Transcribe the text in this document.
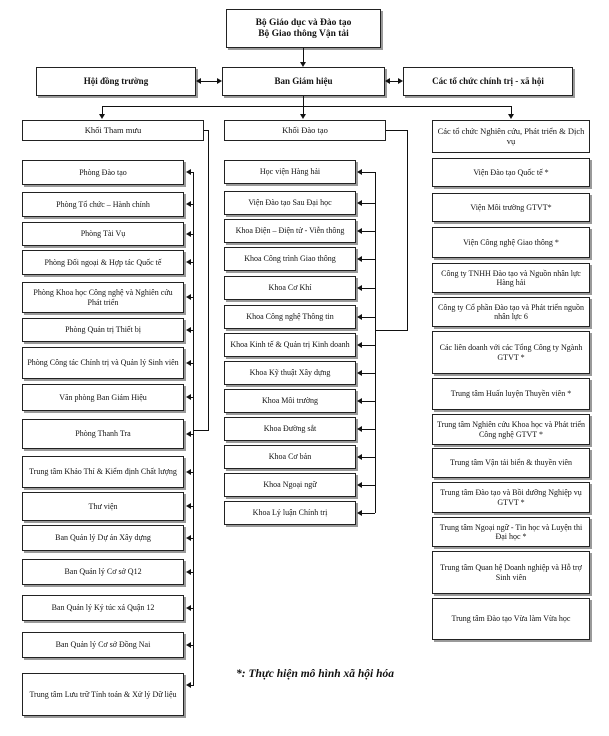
Bộ Giáo dục và Đào tạo
Bộ Giao thông Vận tải
Hội đồng trường	Ban Giám hiệu	Các tổ chức chính trị - xã hội
Khối Tham mưu	Khối Đào tạo	Các tổ chức Nghiên cứu, Phát triển & Dịch vụ
Phòng Đào tạo
Phòng Tổ chức – Hành chính
Phòng Tài Vụ
Phòng Đối ngoại & Hợp tác Quốc tế
Phòng Khoa học Công nghệ và Nghiên cứu Phát triển
Phòng Quản trị Thiết bị
Phòng Công tác Chính trị và Quản lý Sinh viên
Văn phòng Ban Giám Hiệu
Phòng Thanh Tra
Trung tâm Khảo Thí & Kiểm định Chất lượng
Thư viện
Ban Quản lý Dự án Xây dựng
Ban Quản lý Cơ sở Q12
Ban Quản lý Ký túc xá Quận 12
Ban Quản lý Cơ sở Đồng Nai
Trung tâm Lưu trữ Tính toán & Xử lý Dữ liệu
Học viện Hàng hải
Viện Đào tạo Sau Đại học
Khoa Điện – Điện tử - Viễn thông
Khoa Công trình Giao thông
Khoa Cơ Khí
Khoa Công nghệ Thông tin
Khoa Kinh tế & Quản trị Kinh doanh
Khoa Kỹ thuật Xây dựng
Khoa Môi trường
Khoa Đường sắt
Khoa Cơ bản
Khoa Ngoại ngữ
Khoa Lý luận Chính trị
Viện Đào tạo Quốc tế *
Viện Môi trường GTVT*
Viện Công nghệ Giao thông *
Công ty TNHH Đào tạo và Nguồn nhân lực Hàng hải
Công ty Cổ phần Đào tạo và Phát triển nguồn nhân lực 6
Các liên doanh với các Tổng Công ty Ngành GTVT *
Trung tâm Huấn luyện Thuyền viên *
Trung tâm Nghiên cứu Khoa học và Phát triển Công nghệ GTVT *
Trung tâm Vận tải biển & thuyền viên
Trung tâm Đào tạo và Bồi dưỡng Nghiệp vụ GTVT *
Trung tâm Ngoại ngữ - Tin học và Luyện thi Đại học *
Trung tâm Quan hệ Doanh nghiệp và Hỗ trợ Sinh viên
Trung tâm Đào tạo Vừa làm Vừa học
*: Thực hiện mô hình xã hội hóa
